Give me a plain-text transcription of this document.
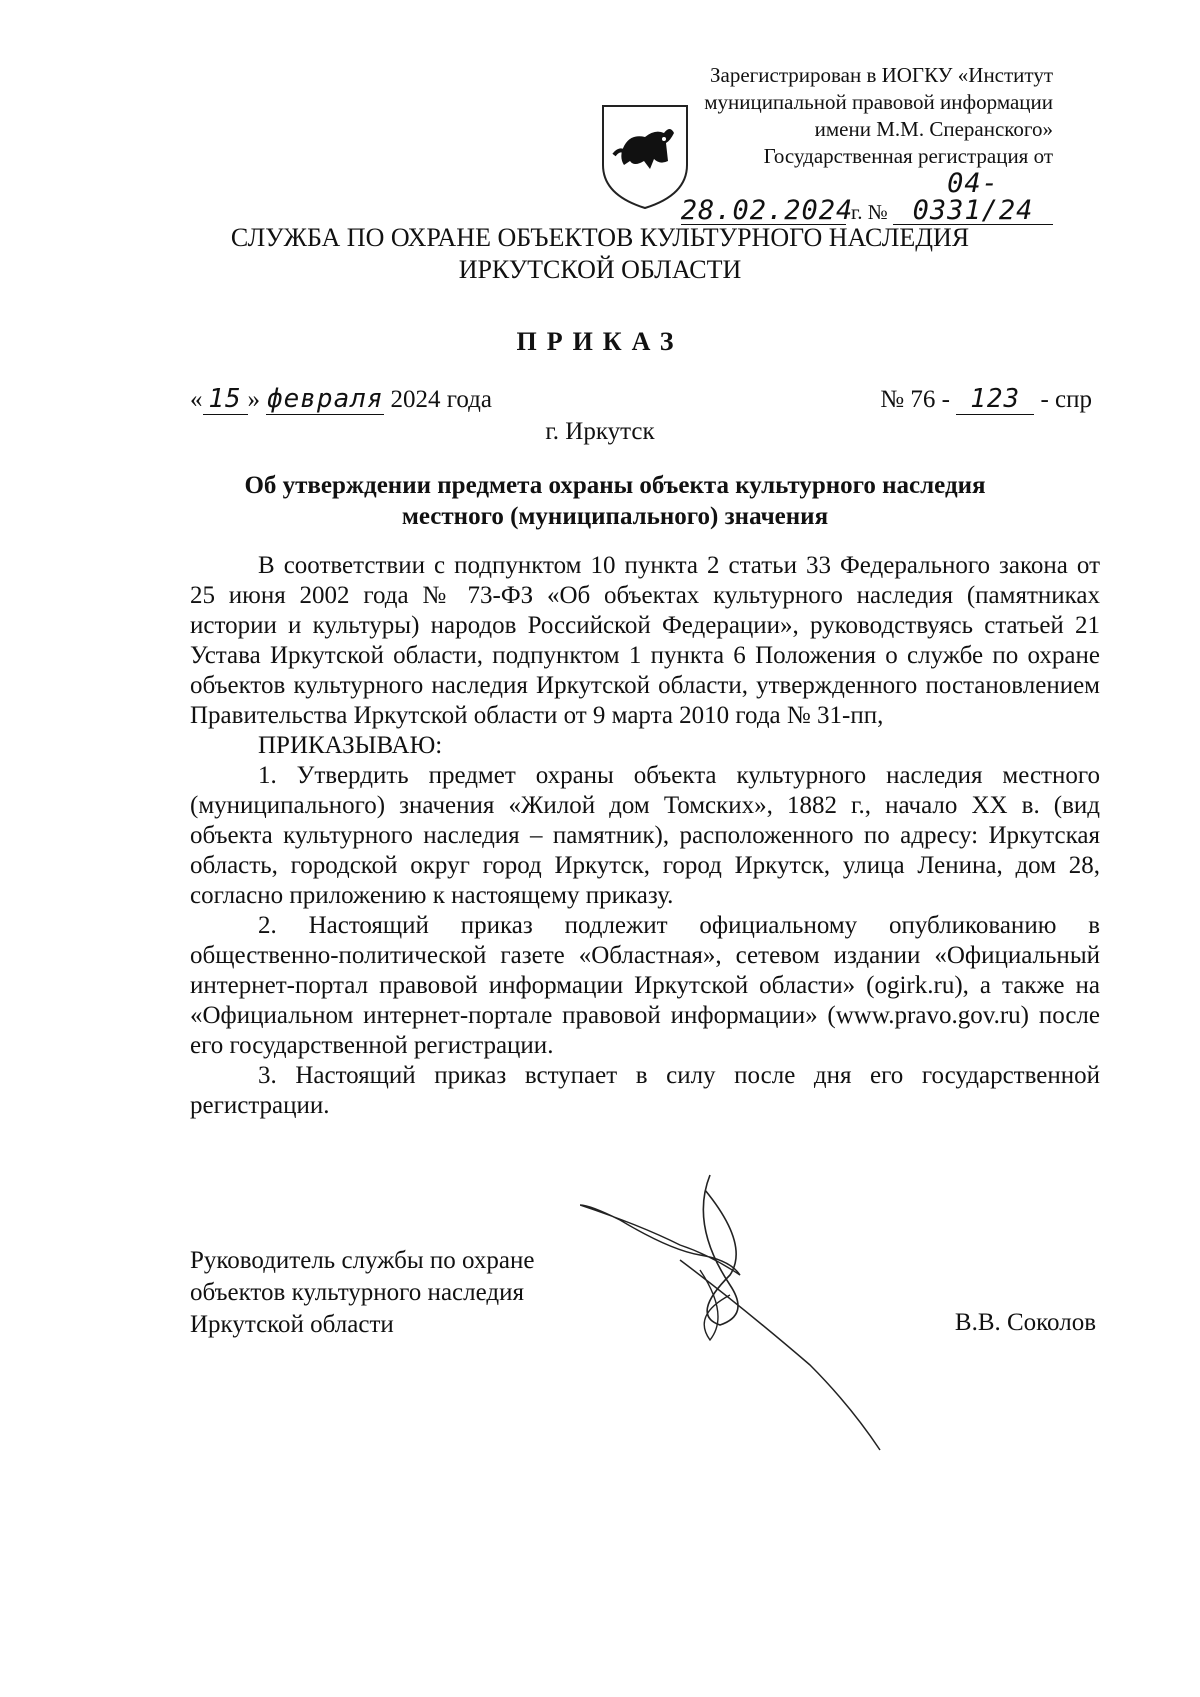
Зарегистрирован в ИОГКУ «Институт
муниципальной правовой информации
имени М.М. Сперанского»
Государственная регистрация от
28.02.2024 г. № 04-0331/24
СЛУЖБА ПО ОХРАНЕ ОБЪЕКТОВ КУЛЬТУРНОГО НАСЛЕДИЯ
ИРКУТСКОЙ ОБЛАСТИ
ПРИКАЗ
« 15 » февраля 2024 года	№ 76 - 123 - спр
г. Иркутск
Об утверждении предмета охраны объекта культурного наследия
местного (муниципального) значения

В соответствии с подпунктом 10 пункта 2 статьи 33 Федерального закона от 25 июня 2002 года № 73-ФЗ «Об объектах культурного наследия (памятниках истории и культуры) народов Российской Федерации», руководствуясь статьей 21 Устава Иркутской области, подпунктом 1 пункта 6 Положения о службе по охране объектов культурного наследия Иркутской области, утвержденного постановлением Правительства Иркутской области от 9 марта 2010 года № 31-пп,

ПРИКАЗЫВАЮ:

1. Утвердить предмет охраны объекта культурного наследия местного (муниципального) значения «Жилой дом Томских», 1882 г., начало XX в. (вид объекта культурного наследия – памятник), расположенного по адресу: Иркутская область, городской округ город Иркутск, город Иркутск, улица Ленина, дом 28, согласно приложению к настоящему приказу.

2. Настоящий приказ подлежит официальному опубликованию в общественно-политической газете «Областная», сетевом издании «Официальный интернет-портал правовой информации Иркутской области» (ogirk.ru), а также на «Официальном интернет-портале правовой информации» (www.pravo.gov.ru) после его государственной регистрации.

3. Настоящий приказ вступает в силу после дня его государственной регистрации.

Руководитель службы по охране
объектов культурного наследия
Иркутской области	В.В. Соколов
